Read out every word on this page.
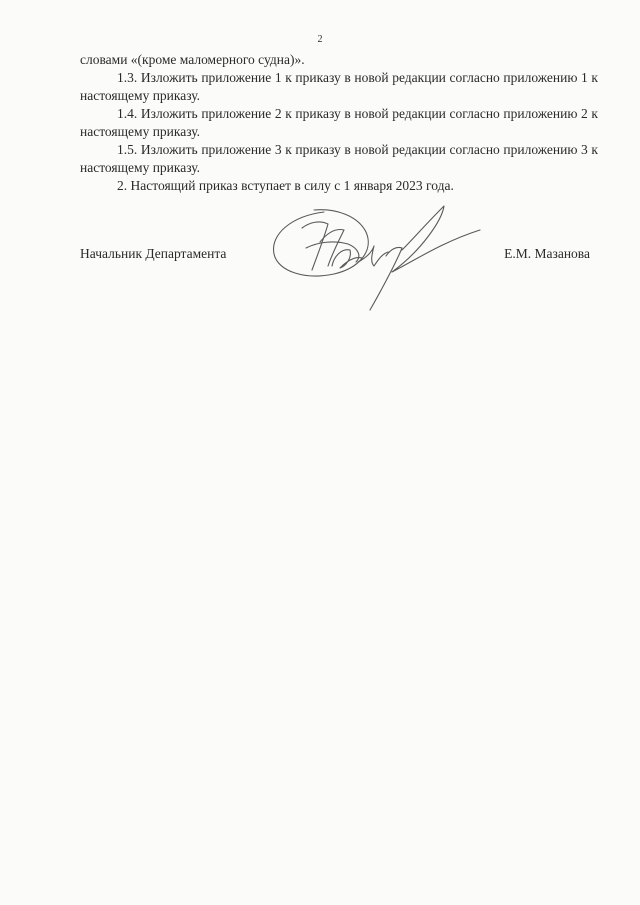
2

словами «(кроме маломерного судна)».

1.3. Изложить приложение 1 к приказу в новой редакции согласно приложению 1 к настоящему приказу.

1.4. Изложить приложение 2 к приказу в новой редакции согласно приложению 2 к настоящему приказу.

1.5. Изложить приложение 3 к приказу в новой редакции согласно приложению 3 к настоящему приказу.

2. Настоящий приказ вступает в силу с 1 января 2023 года.

Начальник Департамента	Е.М. Мазанова
